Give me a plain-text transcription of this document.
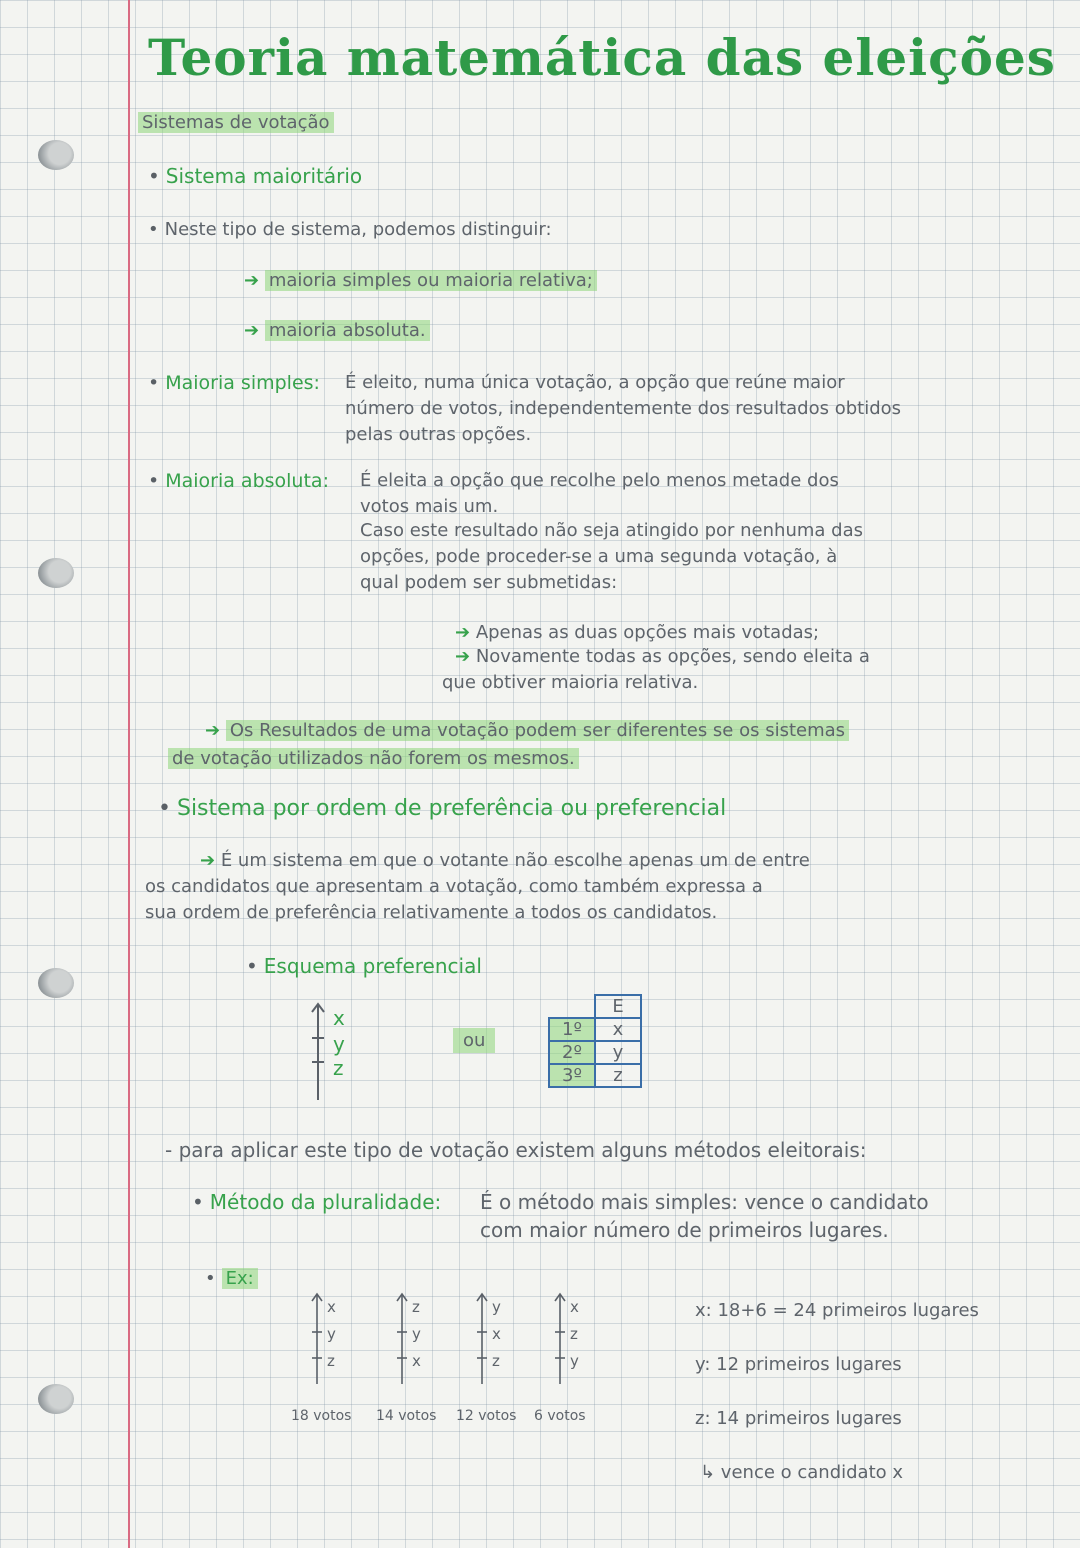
Teoria matemática das eleições
Sistemas de votação
• Sistema maioritário
• Neste tipo de sistema, podemos distinguir:
➔ maioria simples ou maioria relativa;
➔ maioria absoluta.
• Maioria simples: É eleito, numa única votação, a opção que reúne maior
número de votos, independentemente dos resultados obtidos
pelas outras opções.
• Maioria absoluta: É eleita a opção que recolhe pelo menos metade dos
votos mais um.
Caso este resultado não seja atingido por nenhuma das
opções, pode proceder-se a uma segunda votação, à
qual podem ser submetidas:
➔ Apenas as duas opções mais votadas;
➔ Novamente todas as opções, sendo eleita a
que obtiver maioria relativa.
➔ Os Resultados de uma votação podem ser diferentes se os sistemas
de votação utilizados não forem os mesmos.
• Sistema por ordem de preferência ou preferencial
➔ É um sistema em que o votante não escolhe apenas um de entre
os candidatos que apresentam a votação, como também expressa a
sua ordem de preferência relativamente a todos os candidatos.
• Esquema preferencial
x
y
z
ou
	E
1º	x
2º	y
3º	z
- para aplicar este tipo de votação existem alguns métodos eleitorais:
• Método da pluralidade: É o método mais simples: vence o candidato
com maior número de primeiros lugares.
• Ex:
x
y
z
18 votos
z
y
x
14 votos
y
x
z
12 votos
x
z
y
6 votos
x: 18+6 = 24 primeiros lugares
y: 12 primeiros lugares
z: 14 primeiros lugares
↳ vence o candidato x
